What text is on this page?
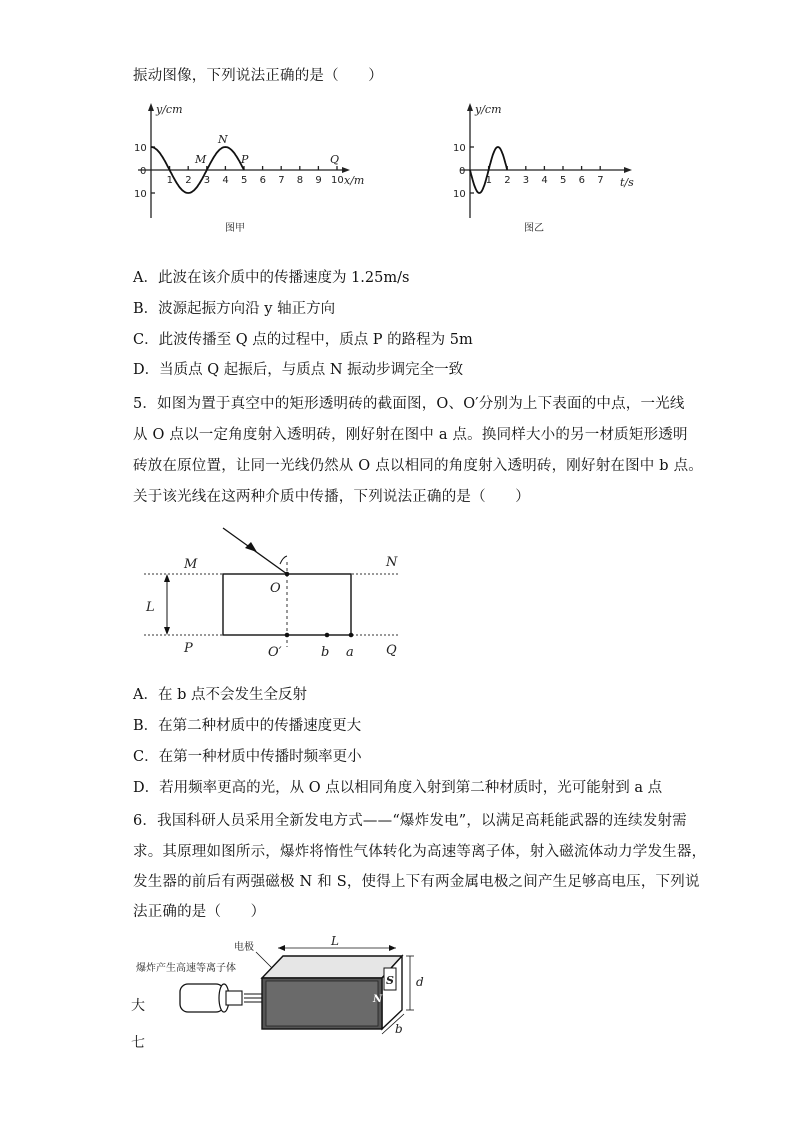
振动图像，下列说法正确的是（　　）
y/cm
x/m
10
0
10
1 2 3 4 5 6 7 8 9 10
M
N
P	Q
图甲
y/cm
t/s
10
0
10
1 2 3 4 5 6 7
图乙
A．此波在该介质中的传播速度为 1.25m/s
B．波源起振方向沿 y 轴正方向
C．此波传播至 Q 点的过程中，质点 P 的路程为 5m
D．当质点 Q 起振后，与质点 N 振动步调完全一致
5．如图为置于真空中的矩形透明砖的截面图，O、O′分别为上下表面的中点，一光线
从 O 点以一定角度射入透明砖，刚好射在图中 a 点。换同样大小的另一材质矩形透明
砖放在原位置，让同一光线仍然从 O 点以相同的角度射入透明砖，刚好射在图中 b 点。
关于该光线在这两种介质中传播，下列说法正确的是（　　）
M	N
O
L
P	O′	b a Q
A．在 b 点不会发生全反射
B．在第二种材质中的传播速度更大
C．在第一种材质中传播时频率更小
D．若用频率更高的光，从 O 点以相同角度入射到第二种材质时，光可能射到 a 点
6．我国科研人员采用全新发电方式——“爆炸发电”，以满足高耗能武器的连续发射需
求。其原理如图所示，爆炸将惰性气体转化为高速等离子体，射入磁流体动力学发生器，
发生器的前后有两强磁极 N 和 S，使得上下有两金属电极之间产生足够高电压，下列说
法正确的是（　　）
电极
爆炸产生高速等离子体
L
S
N
d
b
大
七
